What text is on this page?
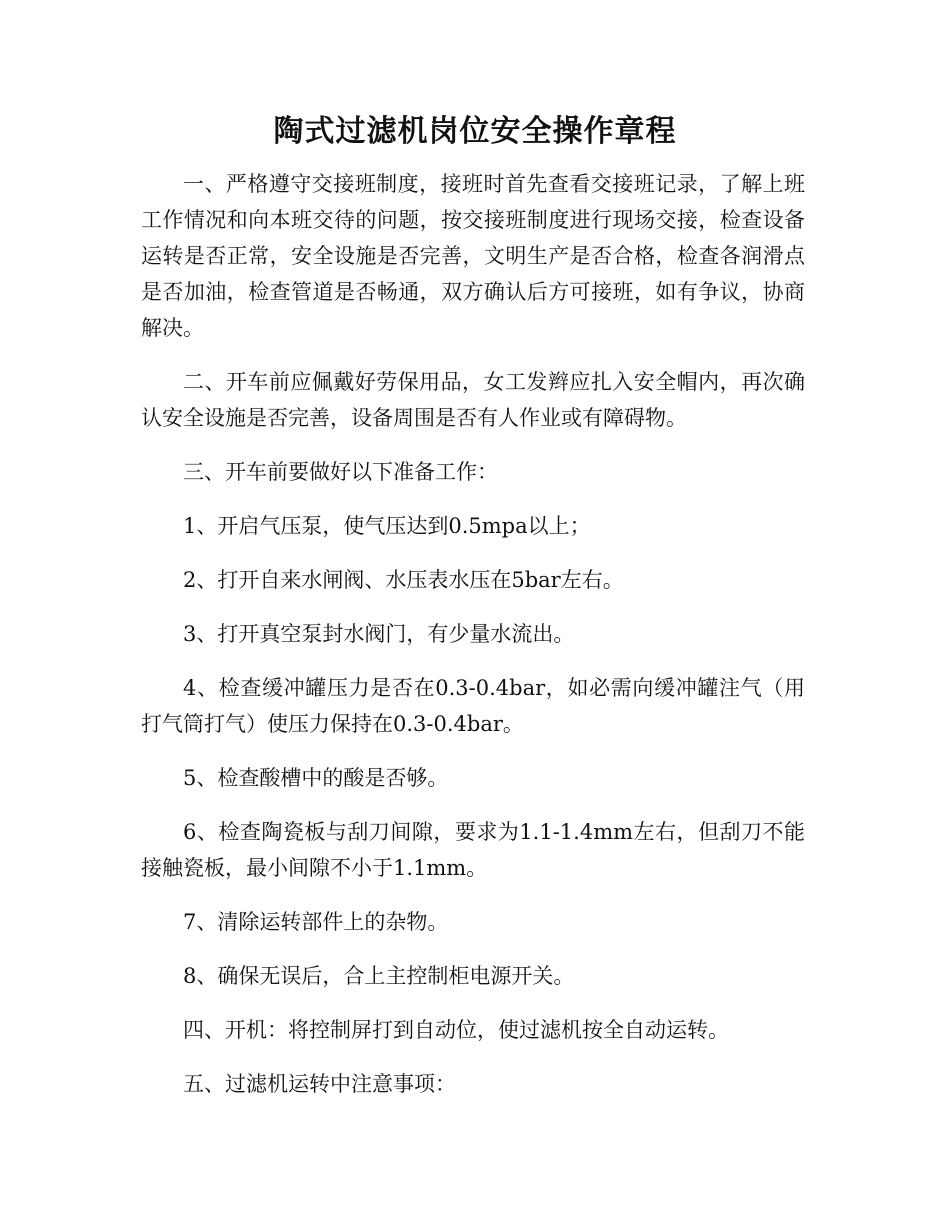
陶式过滤机岗位安全操作章程

一、严格遵守交接班制度，接班时首先查看交接班记录，了解上班工作情况和向本班交待的问题，按交接班制度进行现场交接，检查设备运转是否正常，安全设施是否完善，文明生产是否合格，检查各润滑点是否加油，检查管道是否畅通，双方确认后方可接班，如有争议，协商解决。

二、开车前应佩戴好劳保用品，女工发辫应扎入安全帽内，再次确认安全设施是否完善，设备周围是否有人作业或有障碍物。

三、开车前要做好以下准备工作：

1、开启气压泵，使气压达到0.5mpa以上；

2、打开自来水闸阀、水压表水压在5bar左右。

3、打开真空泵封水阀门，有少量水流出。

4、检查缓冲罐压力是否在0.3-0.4bar，如必需向缓冲罐注气（用打气筒打气）使压力保持在0.3-0.4bar。

5、检查酸槽中的酸是否够。

6、检查陶瓷板与刮刀间隙，要求为1.1-1.4mm左右，但刮刀不能接触瓷板，最小间隙不小于1.1mm。

7、清除运转部件上的杂物。

8、确保无误后，合上主控制柜电源开关。

四、开机：将控制屏打到自动位，使过滤机按全自动运转。

五、过滤机运转中注意事项：
